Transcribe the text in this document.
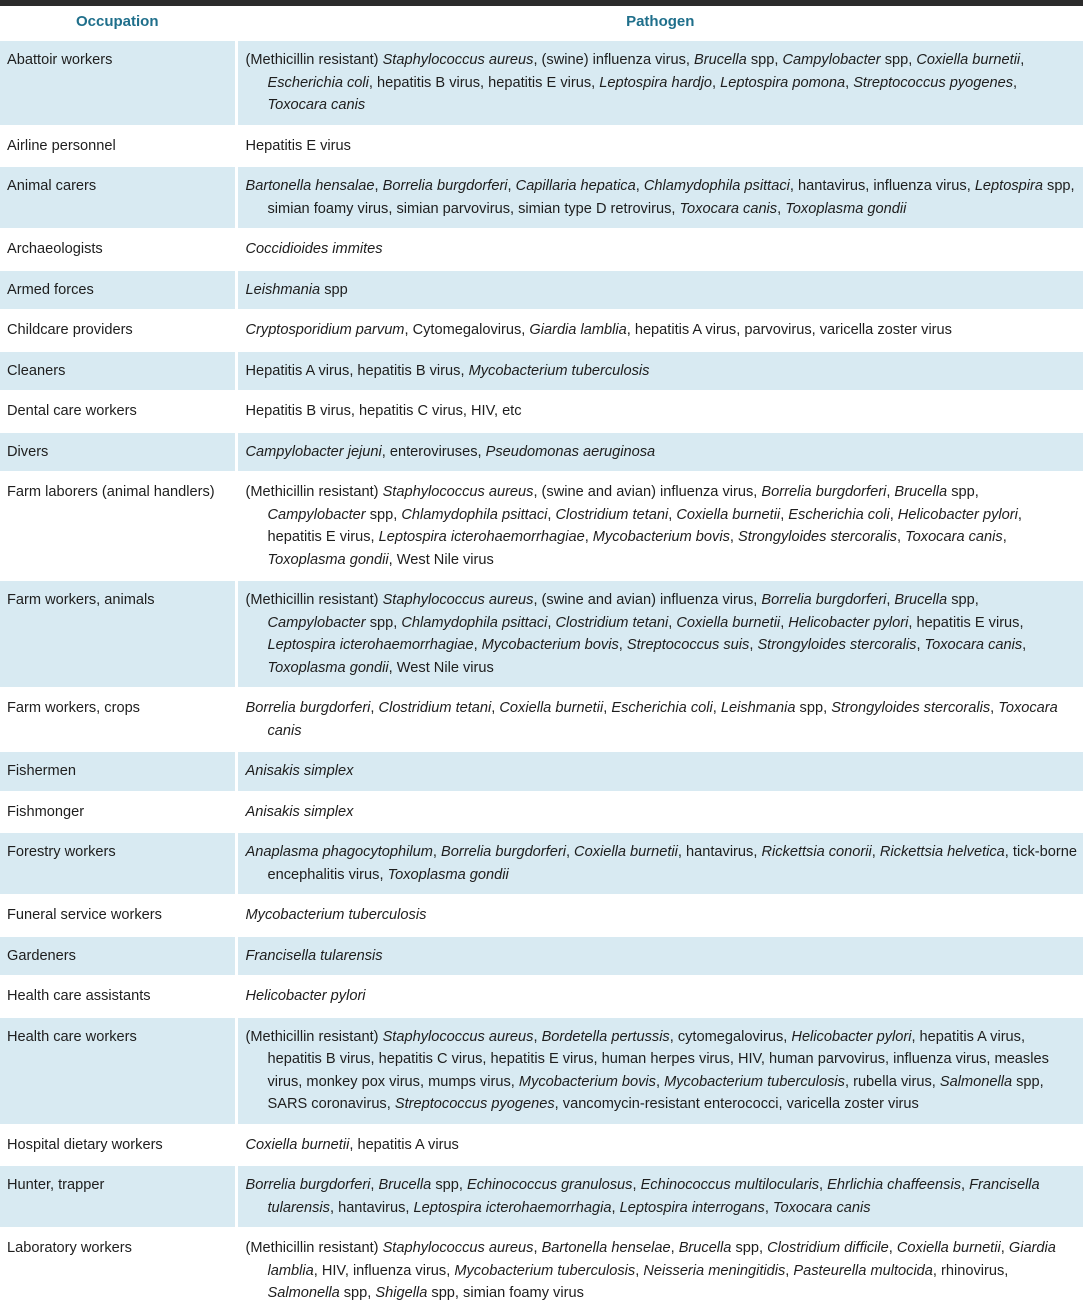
Occupation	Pathogen
Abattoir workers	(Methicillin resistant) Staphylococcus aureus, (swine) influenza virus, Brucella spp, Campylobacter spp, Coxiella burnetii, Escherichia coli, hepatitis B virus, hepatitis E virus, Leptospira hardjo, Leptospira pomona, Streptococcus pyogenes, Toxocara canis

Airline personnel	Hepatitis E virus

Animal carers	Bartonella hensalae, Borrelia burgdorferi, Capillaria hepatica, Chlamydophila psittaci, hantavirus, influenza virus, Leptospira spp, simian foamy virus, simian parvovirus, simian type D retrovirus, Toxocara canis, Toxoplasma gondii

Archaeologists	Coccidioides immites

Armed forces	Leishmania spp

Childcare providers	Cryptosporidium parvum, Cytomegalovirus, Giardia lamblia, hepatitis A virus, parvovirus, varicella zoster virus

Cleaners	Hepatitis A virus, hepatitis B virus, Mycobacterium tuberculosis

Dental care workers	Hepatitis B virus, hepatitis C virus, HIV, etc

Divers	Campylobacter jejuni, enteroviruses, Pseudomonas aeruginosa

Farm laborers (animal handlers)	(Methicillin resistant) Staphylococcus aureus, (swine and avian) influenza virus, Borrelia burgdorferi, Brucella spp, Campylobacter spp, Chlamydophila psittaci, Clostridium tetani, Coxiella burnetii, Escherichia coli, Helicobacter pylori, hepatitis E virus, Leptospira icterohaemorrhagiae, Mycobacterium bovis, Strongyloides stercoralis, Toxocara canis, Toxoplasma gondii, West Nile virus

Farm workers, animals	(Methicillin resistant) Staphylococcus aureus, (swine and avian) influenza virus, Borrelia burgdorferi, Brucella spp, Campylobacter spp, Chlamydophila psittaci, Clostridium tetani, Coxiella burnetii, Helicobacter pylori, hepatitis E virus, Leptospira icterohaemorrhagiae, Mycobacterium bovis, Streptococcus suis, Strongyloides stercoralis, Toxocara canis, Toxoplasma gondii, West Nile virus

Farm workers, crops	Borrelia burgdorferi, Clostridium tetani, Coxiella burnetii, Escherichia coli, Leishmania spp, Strongyloides stercoralis, Toxocara canis

Fishermen	Anisakis simplex

Fishmonger	Anisakis simplex

Forestry workers	Anaplasma phagocytophilum, Borrelia burgdorferi, Coxiella burnetii, hantavirus, Rickettsia conorii, Rickettsia helvetica, tick-borne encephalitis virus, Toxoplasma gondii

Funeral service workers	Mycobacterium tuberculosis

Gardeners	Francisella tularensis

Health care assistants	Helicobacter pylori

Health care workers	(Methicillin resistant) Staphylococcus aureus, Bordetella pertussis, cytomegalovirus, Helicobacter pylori, hepatitis A virus, hepatitis B virus, hepatitis C virus, hepatitis E virus, human herpes virus, HIV, human parvovirus, influenza virus, measles virus, monkey pox virus, mumps virus, Mycobacterium bovis, Mycobacterium tuberculosis, rubella virus, Salmonella spp, SARS coronavirus, Streptococcus pyogenes, vancomycin-resistant enterococci, varicella zoster virus

Hospital dietary workers	Coxiella burnetii, hepatitis A virus

Hunter, trapper	Borrelia burgdorferi, Brucella spp, Echinococcus granulosus, Echinococcus multilocularis, Ehrlichia chaffeensis, Francisella tularensis, hantavirus, Leptospira icterohaemorrhagia, Leptospira interrogans, Toxocara canis

Laboratory workers	(Methicillin resistant) Staphylococcus aureus, Bartonella henselae, Brucella spp, Clostridium difficile, Coxiella burnetii, Giardia lamblia, HIV, influenza virus, Mycobacterium tuberculosis, Neisseria meningitidis, Pasteurella multocida, rhinovirus, Salmonella spp, Shigella spp, simian foamy virus
